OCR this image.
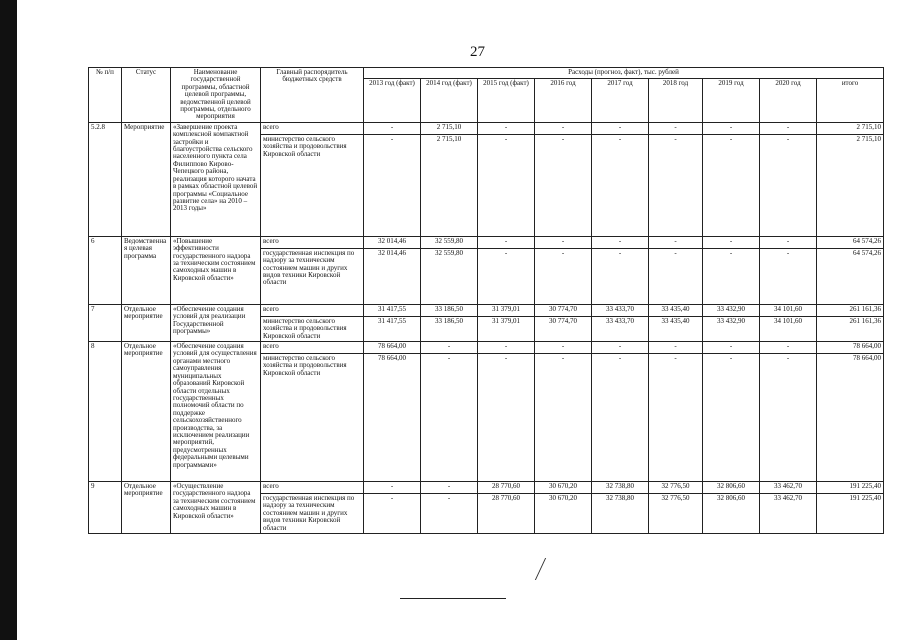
27
№ п/п	Статус	Наименование государственной программы, областной целевой программы, ведомственной целевой программы, отдельного мероприятия	Главный распорядитель бюджетных средств	Расходы (прогноз, факт), тыс. рублей								
				2013 год (факт)	2014 год (факт)	2015 год (факт)	2016 год	2017 год	2018 год	2019 год	2020 год	итого
5.2.8	Мероприятие	«Завершение проекта комплексной компактной застройки и благоустройства сельского населенного пункта села Филиппово Кирово-Чепецкого района, реализация которого начата в рамках областной целевой программы «Социальное развитие села» на 2010 – 2013 годы»	всего	-	2 715,10	-	-	-	-	-	-	2 715,10
			министерство сельского хозяйства и продовольствия Кировской области	-	2 715,10	-	-	-	-	-	-	2 715,10
6	Ведомственная целевая программа	«Повышение эффективности государственного надзора за техническим состоянием самоходных машин в Кировской области»	всего	32 014,46	32 559,80	-	-	-	-	-	-	64 574,26
			государственная инспекция по надзору за техническим состоянием машин и других видов техники Кировской области	32 014,46	32 559,80	-	-	-	-	-	-	64 574,26
7	Отдельное мероприятие	«Обеспечение создания условий для реализации Государственной программы»	всего	31 417,55	33 186,50	31 379,01	30 774,70	33 433,70	33 435,40	33 432,90	34 101,60	261 161,36
			министерство сельского хозяйства и продовольствия Кировской области	31 417,55	33 186,50	31 379,01	30 774,70	33 433,70	33 435,40	33 432,90	34 101,60	261 161,36
8	Отдельное мероприятие	«Обеспечение создания условий для осуществления органами местного самоуправления муниципальных образований Кировской области отдельных государственных полномочий области по поддержке сельскохозяйственного производства, за исключением реализации мероприятий, предусмотренных федеральными целевыми программами»	всего	78 664,00	-	-	-	-	-	-	-	78 664,00
			министерство сельского хозяйства и продовольствия Кировской области	78 664,00	-	-	-	-	-	-	-	78 664,00
9	Отдельное мероприятие	«Осуществление государственного надзора за техническим состоянием самоходных машин в Кировской области»	всего	-	-	28 770,60	30 670,20	32 738,80	32 776,50	32 806,60	33 462,70	191 225,40
			государственная инспекция по надзору за техническим состоянием машин и других видов техники Кировской области	-	-	28 770,60	30 670,20	32 738,80	32 776,50	32 806,60	33 462,70	191 225,40
